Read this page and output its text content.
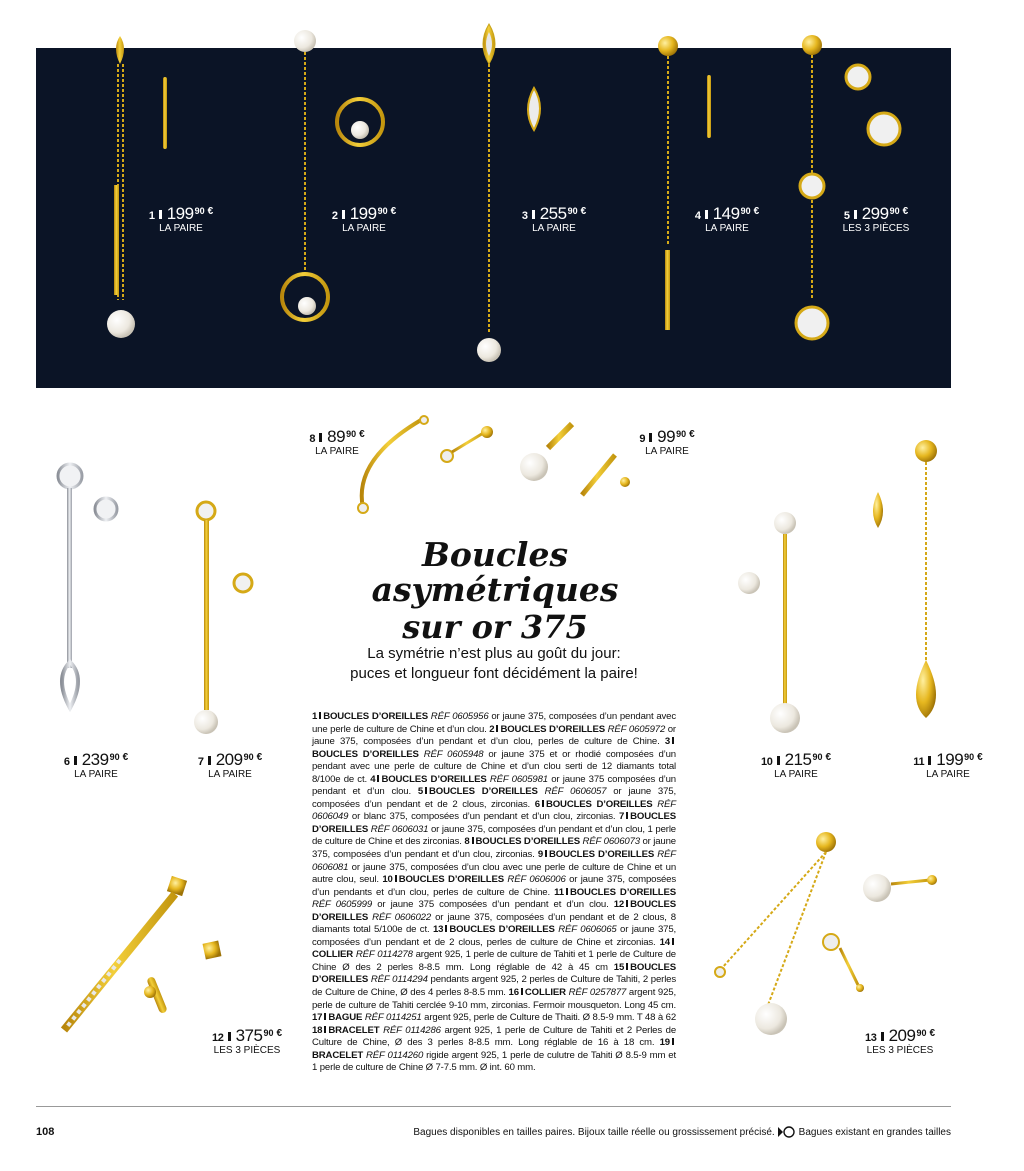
1 199 90 €
LA PAIRE
2 199 90 €
LA PAIRE
3 255 90 €
LA PAIRE
4 149 90 €
LA PAIRE
5 299 90 €
LES 3 PIÈCES
6 239 90 €
LA PAIRE
7 209 90 €
LA PAIRE
8 89 90 €
LA PAIRE
9 99 90 €
LA PAIRE
10 215 90 €
LA PAIRE
11 199 90 €
LA PAIRE
12 375 90 €
LES 3 PIÈCES
13 209 90 €
LES 3 PIÈCES
Boucles asymétriques
sur or 375
La symétrie n’est plus au goût du jour:
puces et longueur font décidément la paire!

1 BOUCLES D’OREILLES RÉF 0605956 or jaune 375, composées d’un pendant avec une perle de culture de Chine et d’un clou.

2 BOUCLES D’OREILLES RÉF 0605972 or jaune 375, composées d’un pendant et d’un clou, perles de culture de Chine.

3BOUCLES D’OREILLES RÉF 0605948 or jaune 375 et or rhodié composées d’un pendant avec une perle de culture de Chine et d’un clou serti de 12 diamants total 8/100e de ct.

4 BOUCLES D’OREILLES RÉF 0605981 or jaune 375 composées d’un pendant et d’un clou.

5 BOUCLES D’OREILLES RÉF 0606057 or jaune 375, composées d’un pendant et de 2 clous, zirconias.

6 BOUCLES D’OREILLES RÉF 0606049 or blanc 375, composées d’un pendant et d’un clou, zirconias.

7 BOUCLES D’OREILLES RÉF 0606031 or jaune 375, composées d’un pendant et d’un clou, 1 perle de culture de Chine et des zirconias.

8 BOUCLES D’OREILLES RÉF 0606073 or jaune 375, composées d’un pendant et d’un clou, zirconias.

9 BOUCLES D’OREILLES RÉF 0606081 or jaune 375, composées d’un clou avec une perle de culture de Chine et un autre clou, seul.

10 BOUCLES D’OREILLES RÉF 0606006 or jaune 375, composées d’un pendants et d’un clou, perles de culture de Chine.

11 BOUCLES D’OREILLES RÉF 0605999 or jaune 375 composées d’un pendant et d’un clou.

12 BOUCLES D’OREILLES RÉF 0606022 or jaune 375, composées d’un pendant et de 2 clous, 8 diamants total 5/100e de ct.

13 BOUCLES D’OREILLES RÉF 0606065 or jaune 375, composées d’un pendant et de 2 clous, perles de culture de Chine et zirconias.

14COLLIER RÉF 0114278 argent 925, 1 perle de culture de Tahiti et 1 perle de Culture de Chine Ø des 2 perles 8-8.5 mm. Long réglable de 42 à 45 cm

15 BOUCLES D’OREILLES RÉF 0114294 pendants argent 925, 2 perles de Culture de Tahiti, 2 perles de Culture de Chine, Ø des 4 perles 8-8.5 mm.

16 COLLIER RÉF 0257877 argent 925, perle de culture de Tahiti cerclée 9-10 mm, zirconias. Fermoir mousqueton. Long 45 cm.

17 BAGUE RÉF 0114251 argent 925, perle de Culture de Thaiti. Ø 8.5-9 mm. T 48 à 62

18 BRACELET RÉF 0114286 argent 925, 1 perle de Culture de Tahiti et 2 Perles de Culture de Chine, Ø des 3 perles 8-8.5 mm. Long réglable de 16 à 18 cm.

19BRACELET RÉF 0114260 rigide argent 925, 1 perle de culutre de Tahiti Ø 8.5-9 mm et 1 perle de culture de Chine Ø 7-7.5 mm. Ø int. 60 mm.

108	Bagues disponibles en tailles paires. Bijoux taille réelle ou grossissement précisé. Bagues existant en grandes tailles
